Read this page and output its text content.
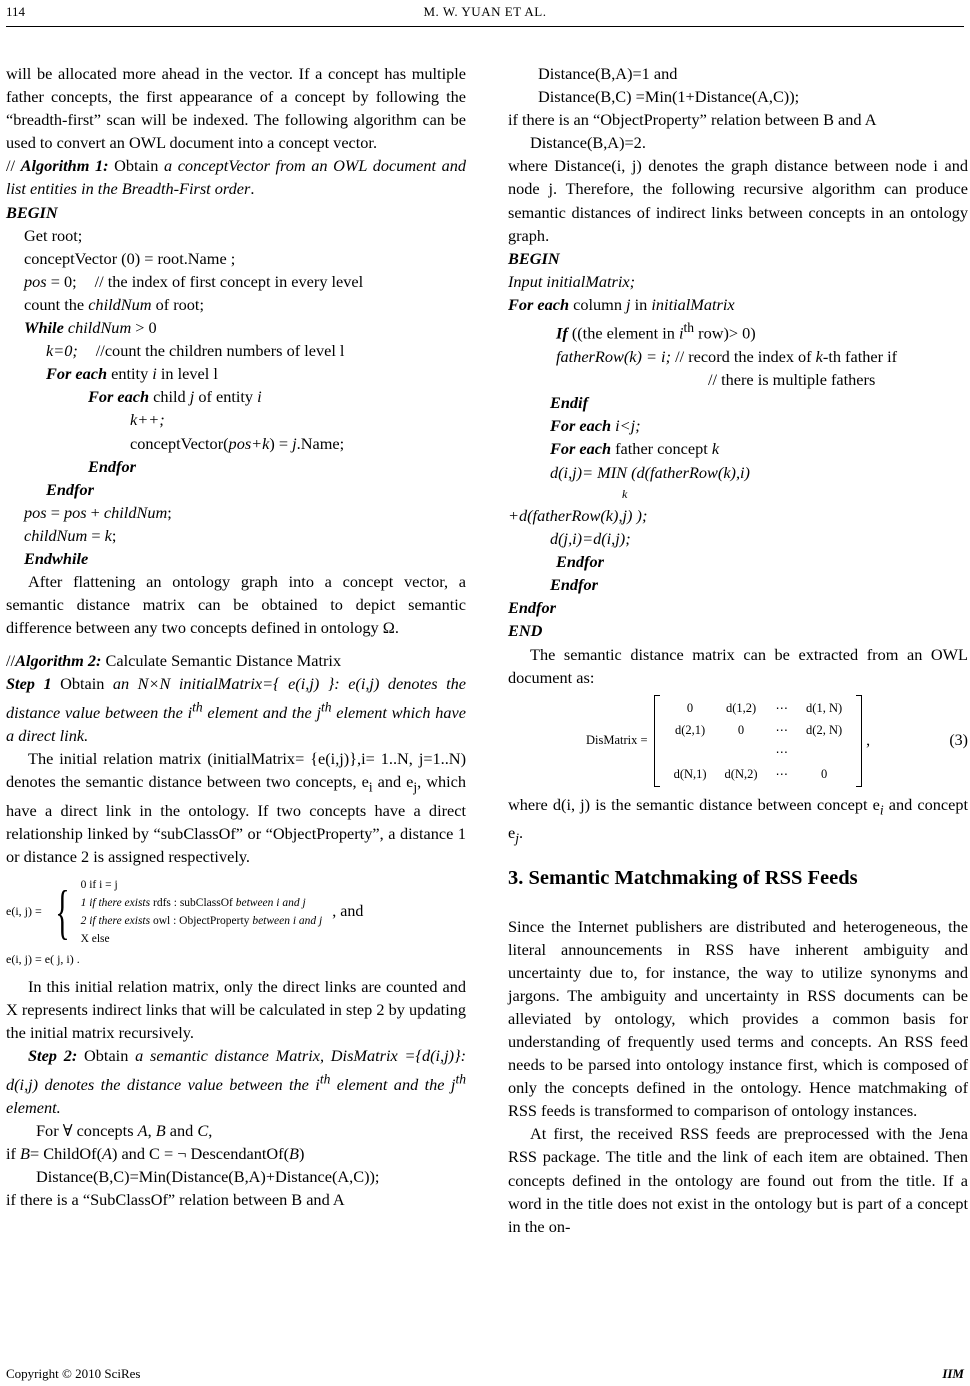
114	M. W. YUAN ET AL.

will be allocated more ahead in the vector. If a concept has multiple father concepts, the first appearance of a concept by following the “breadth-first” scan will be indexed. The following algorithm can be used to convert an OWL document into a concept vector.

// Algorithm 1: Obtain a conceptVector from an OWL document and list entities in the Breadth-First order.

BEGIN

Get root;

conceptVector (0) = root.Name ;

pos = 0; // the index of first concept in every level

count the childNum of root;

While childNum > 0

k=0; //count the children numbers of level l

For each entity i in level l

For each child j of entity i

k++;

conceptVector(pos+k) = j.Name;

Endfor

Endfor

pos = pos + childNum;

childNum = k;

Endwhile

After flattening an ontology graph into a concept vector, a semantic distance matrix can be obtained to depict semantic difference between any two concepts defined in ontology Ω.

//Algorithm 2: Calculate Semantic Distance Matrix

Step 1 Obtain an N×N initialMatrix={ e(i,j) }: e(i,j) denotes the distance value between the $i^{th}$ element and the $j^{th}$ element which have a direct link.

The initial relation matrix (initialMatrix= {e(i,j)},i= 1..N, j=1..N) denotes the semantic distance between two concepts, $e_i$ and $e_j$, which have a direct link in the ontology. If two concepts have a direct relationship linked by “subClassOf” or “ObjectProperty”, a distance 1 or distance 2 is assigned respectively.

e(i, j) = { 0 if i = j
1 if there exists rdfs : subClassOf between i and j
2 if there exists owl : ObjectProperty between i and j
X else
, and

e(i, j) = e( j, i) .

In this initial relation matrix, only the direct links are counted and X represents indirect links that will be calculated in step 2 by updating the initial matrix recursively.

Step 2: Obtain a semantic distance Matrix, DisMatrix ={d(i,j)}: d(i,j) denotes the distance value between the $i^{th}$ element and the $j^{th}$ element.

For ∀ concepts A, B and C,

if B= ChildOf(A) and C = ¬ DescendantOf(B)

Distance(B,C)=Min(Distance(B,A)+Distance(A,C));

if there is a “SubClassOf” relation between B and A

Distance(B,A)=1 and

Distance(B,C) =Min(1+Distance(A,C));

if there is an “ObjectProperty” relation between B and A

Distance(B,A)=2.

where Distance(i, j) denotes the graph distance between node i and node j. Therefore, the following recursive algorithm can produce semantic distances of indirect links between concepts in an ontology graph.

BEGIN

Input initialMatrix;

For each column j in initialMatrix

If ((the element in $i^{th}$ row)> 0)

fatherRow(k) = i; // record the index of k-th father if

// there is multiple fathers

Endif

For each i<j;

For each father concept k

d(i,j)= MIN (d(fatherRow(k),i)
k

+d(fatherRow(k),j) );

d(j,i)=d(i,j);

Endfor

Endfor

Endfor

END

The semantic distance matrix can be extracted from an OWL document as:

DisMatrix =
0	d(1,2)	⋯	d(1, N)
d(2,1)	0	⋯	d(2, N)
		⋯	
d(N,1)	d(N,2)	⋯	0
,	(3)

where d(i, j) is the semantic distance between concept $e_i$ and concept $e_j$.

3. Semantic Matchmaking of RSS Feeds

Since the Internet publishers are distributed and heterogeneous, the literal announcements in RSS have inherent ambiguity and uncertainty due to, for instance, the way to utilize synonyms and jargons. The ambiguity and uncertainty in RSS documents can be alleviated by ontology, which provides a common basis for understanding of frequently used terms and concepts. An RSS feed needs to be parsed into ontology instance first, which is composed of only the concepts defined in the ontology. Hence matchmaking of RSS feeds is transformed to comparison of ontology instances.

At first, the received RSS feeds are preprocessed with the Jena RSS package. The title and the link of each item are obtained. Then concepts defined in the ontology are found out from the title. If a word in the title does not exist in the ontology but is part of a concept in the on-

Copyright © 2010 SciRes	IIM
